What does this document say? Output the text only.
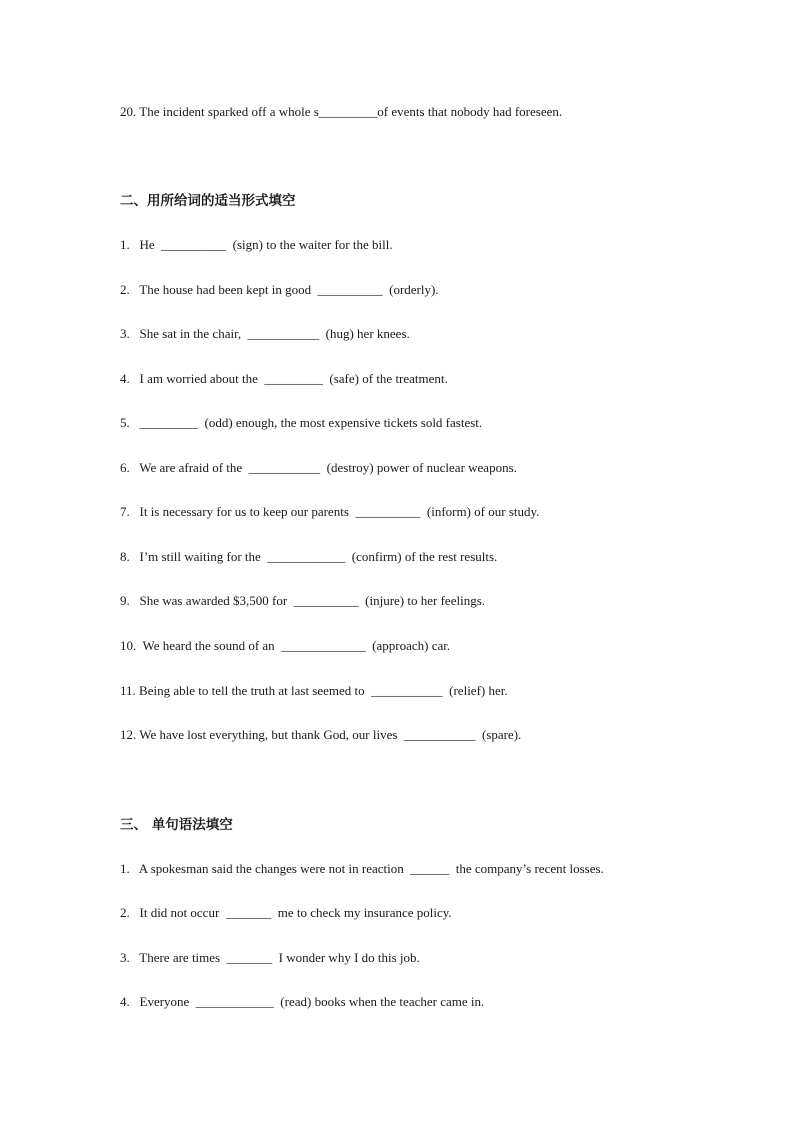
20. The incident sparked off a whole s_________of events that nobody had foreseen.
二、用所给词的适当形式填空
1.   He  __________  (sign) to the waiter for the bill.
2.   The house had been kept in good  __________  (orderly).
3.   She sat in the chair,  ___________  (hug) her knees.
4.   I am worried about the  _________  (safe) of the treatment.
5.   _________  (odd) enough, the most expensive tickets sold fastest.
6.   We are afraid of the  ___________  (destroy) power of nuclear weapons.
7.   It is necessary for us to keep our parents  __________  (inform) of our study.
8.   I’m still waiting for the  ____________  (confirm) of the rest results.
9.   She was awarded $3,500 for  __________  (injure) to her feelings.
10.  We heard the sound of an  _____________  (approach) car.
11. Being able to tell the truth at last seemed to  ___________  (relief) her.
12. We have lost everything, but thank God, our lives  ___________  (spare).
三、 单句语法填空
1.   A spokesman said the changes were not in reaction  ______  the company’s recent losses.
2.   It did not occur  _______  me to check my insurance policy.
3.   There are times  _______  I wonder why I do this job.
4.   Everyone  ____________  (read) books when the teacher came in.
